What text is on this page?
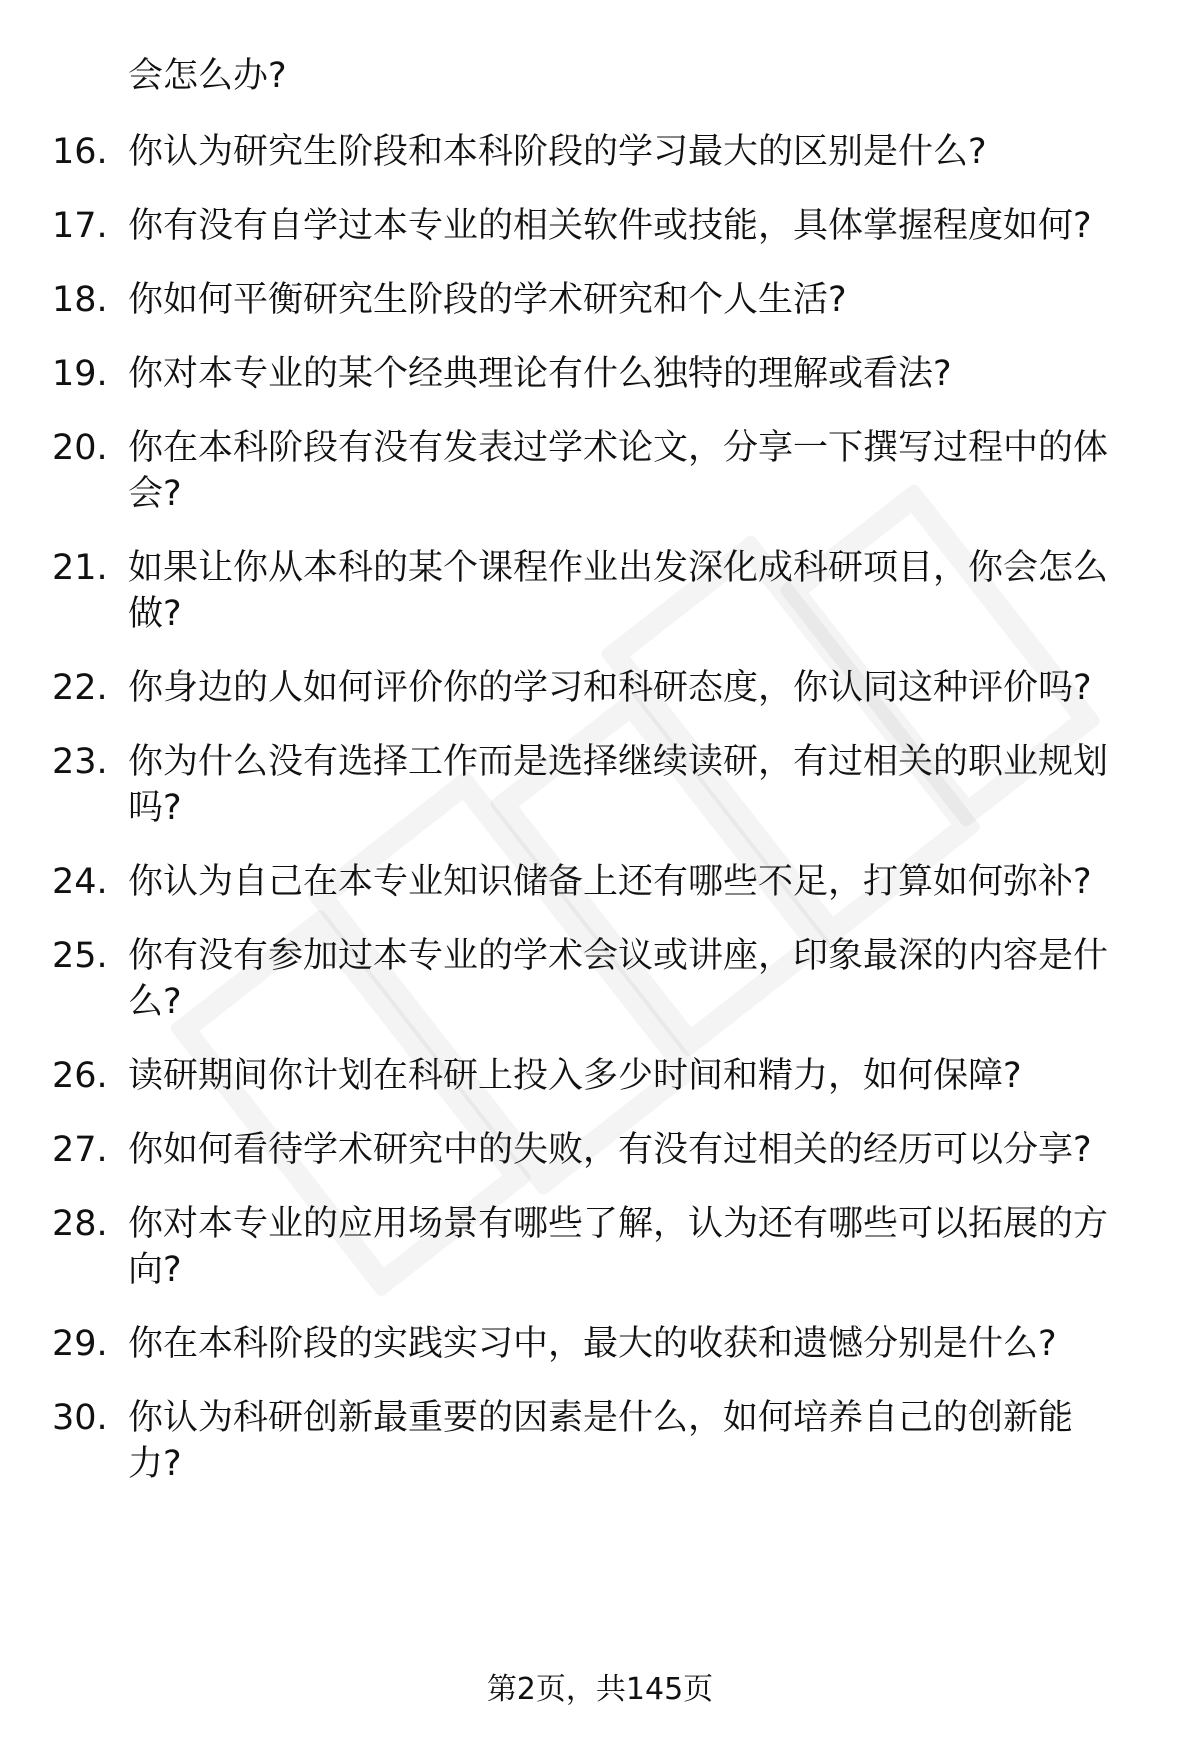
会怎么办?
16. 你认为研究生阶段和本科阶段的学习最大的区别是什么?
17. 你有没有自学过本专业的相关软件或技能，具体掌握程度如何?
18. 你如何平衡研究生阶段的学术研究和个人生活?
19. 你对本专业的某个经典理论有什么独特的理解或看法?
20. 你在本科阶段有没有发表过学术论文，分享一下撰写过程中的体
会?
21. 如果让你从本科的某个课程作业出发深化成科研项目，你会怎么
做?
22. 你身边的人如何评价你的学习和科研态度，你认同这种评价吗?
23. 你为什么没有选择工作而是选择继续读研，有过相关的职业规划
吗?
24. 你认为自己在本专业知识储备上还有哪些不足，打算如何弥补?
25. 你有没有参加过本专业的学术会议或讲座，印象最深的内容是什
么?
26. 读研期间你计划在科研上投入多少时间和精力，如何保障?
27. 你如何看待学术研究中的失败，有没有过相关的经历可以分享?
28. 你对本专业的应用场景有哪些了解，认为还有哪些可以拓展的方
向?
29. 你在本科阶段的实践实习中，最大的收获和遗憾分别是什么?
30. 你认为科研创新最重要的因素是什么，如何培养自己的创新能
力?
第2页，共145页
